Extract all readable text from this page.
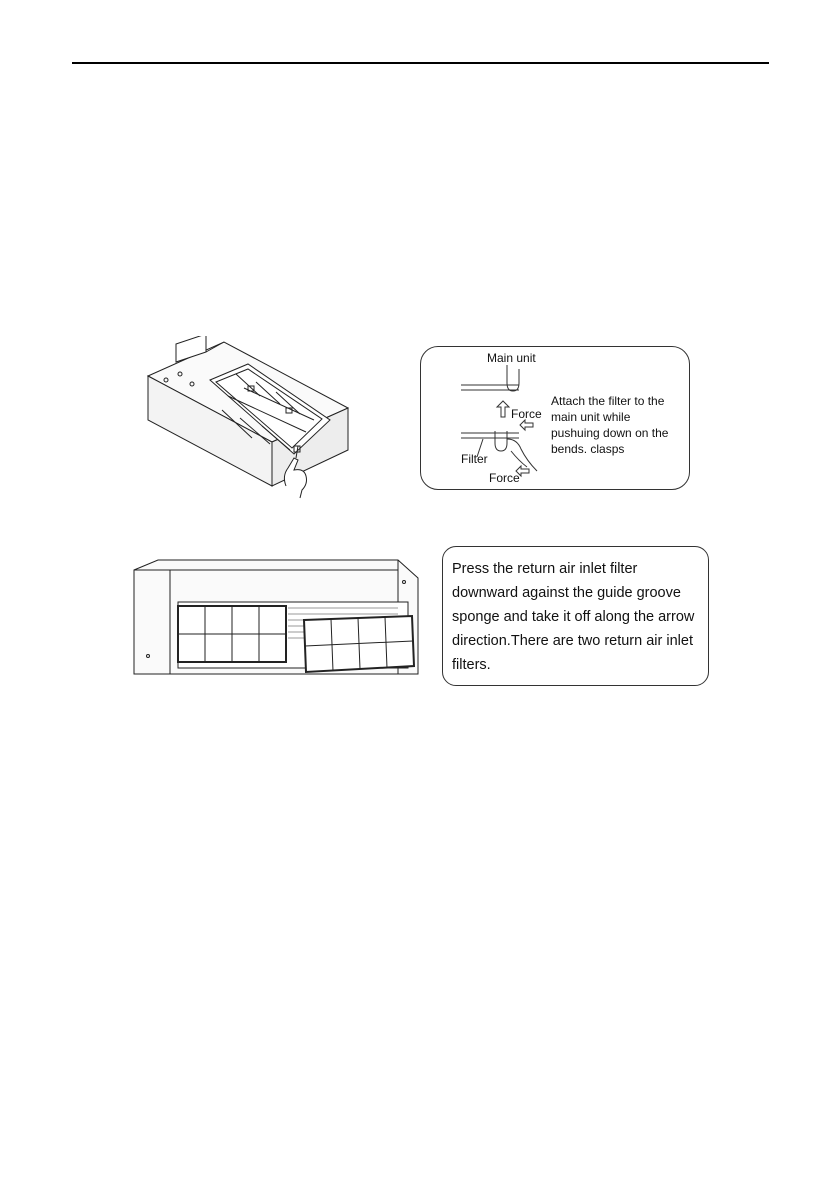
Main unit
Force
Filter
Force
Attach the filter to the main unit while pushuing down on the bends. clasps
Press the return air inlet filter downward against the guide groove sponge and take it off along the arrow direction.There are two return air inlet filters.
